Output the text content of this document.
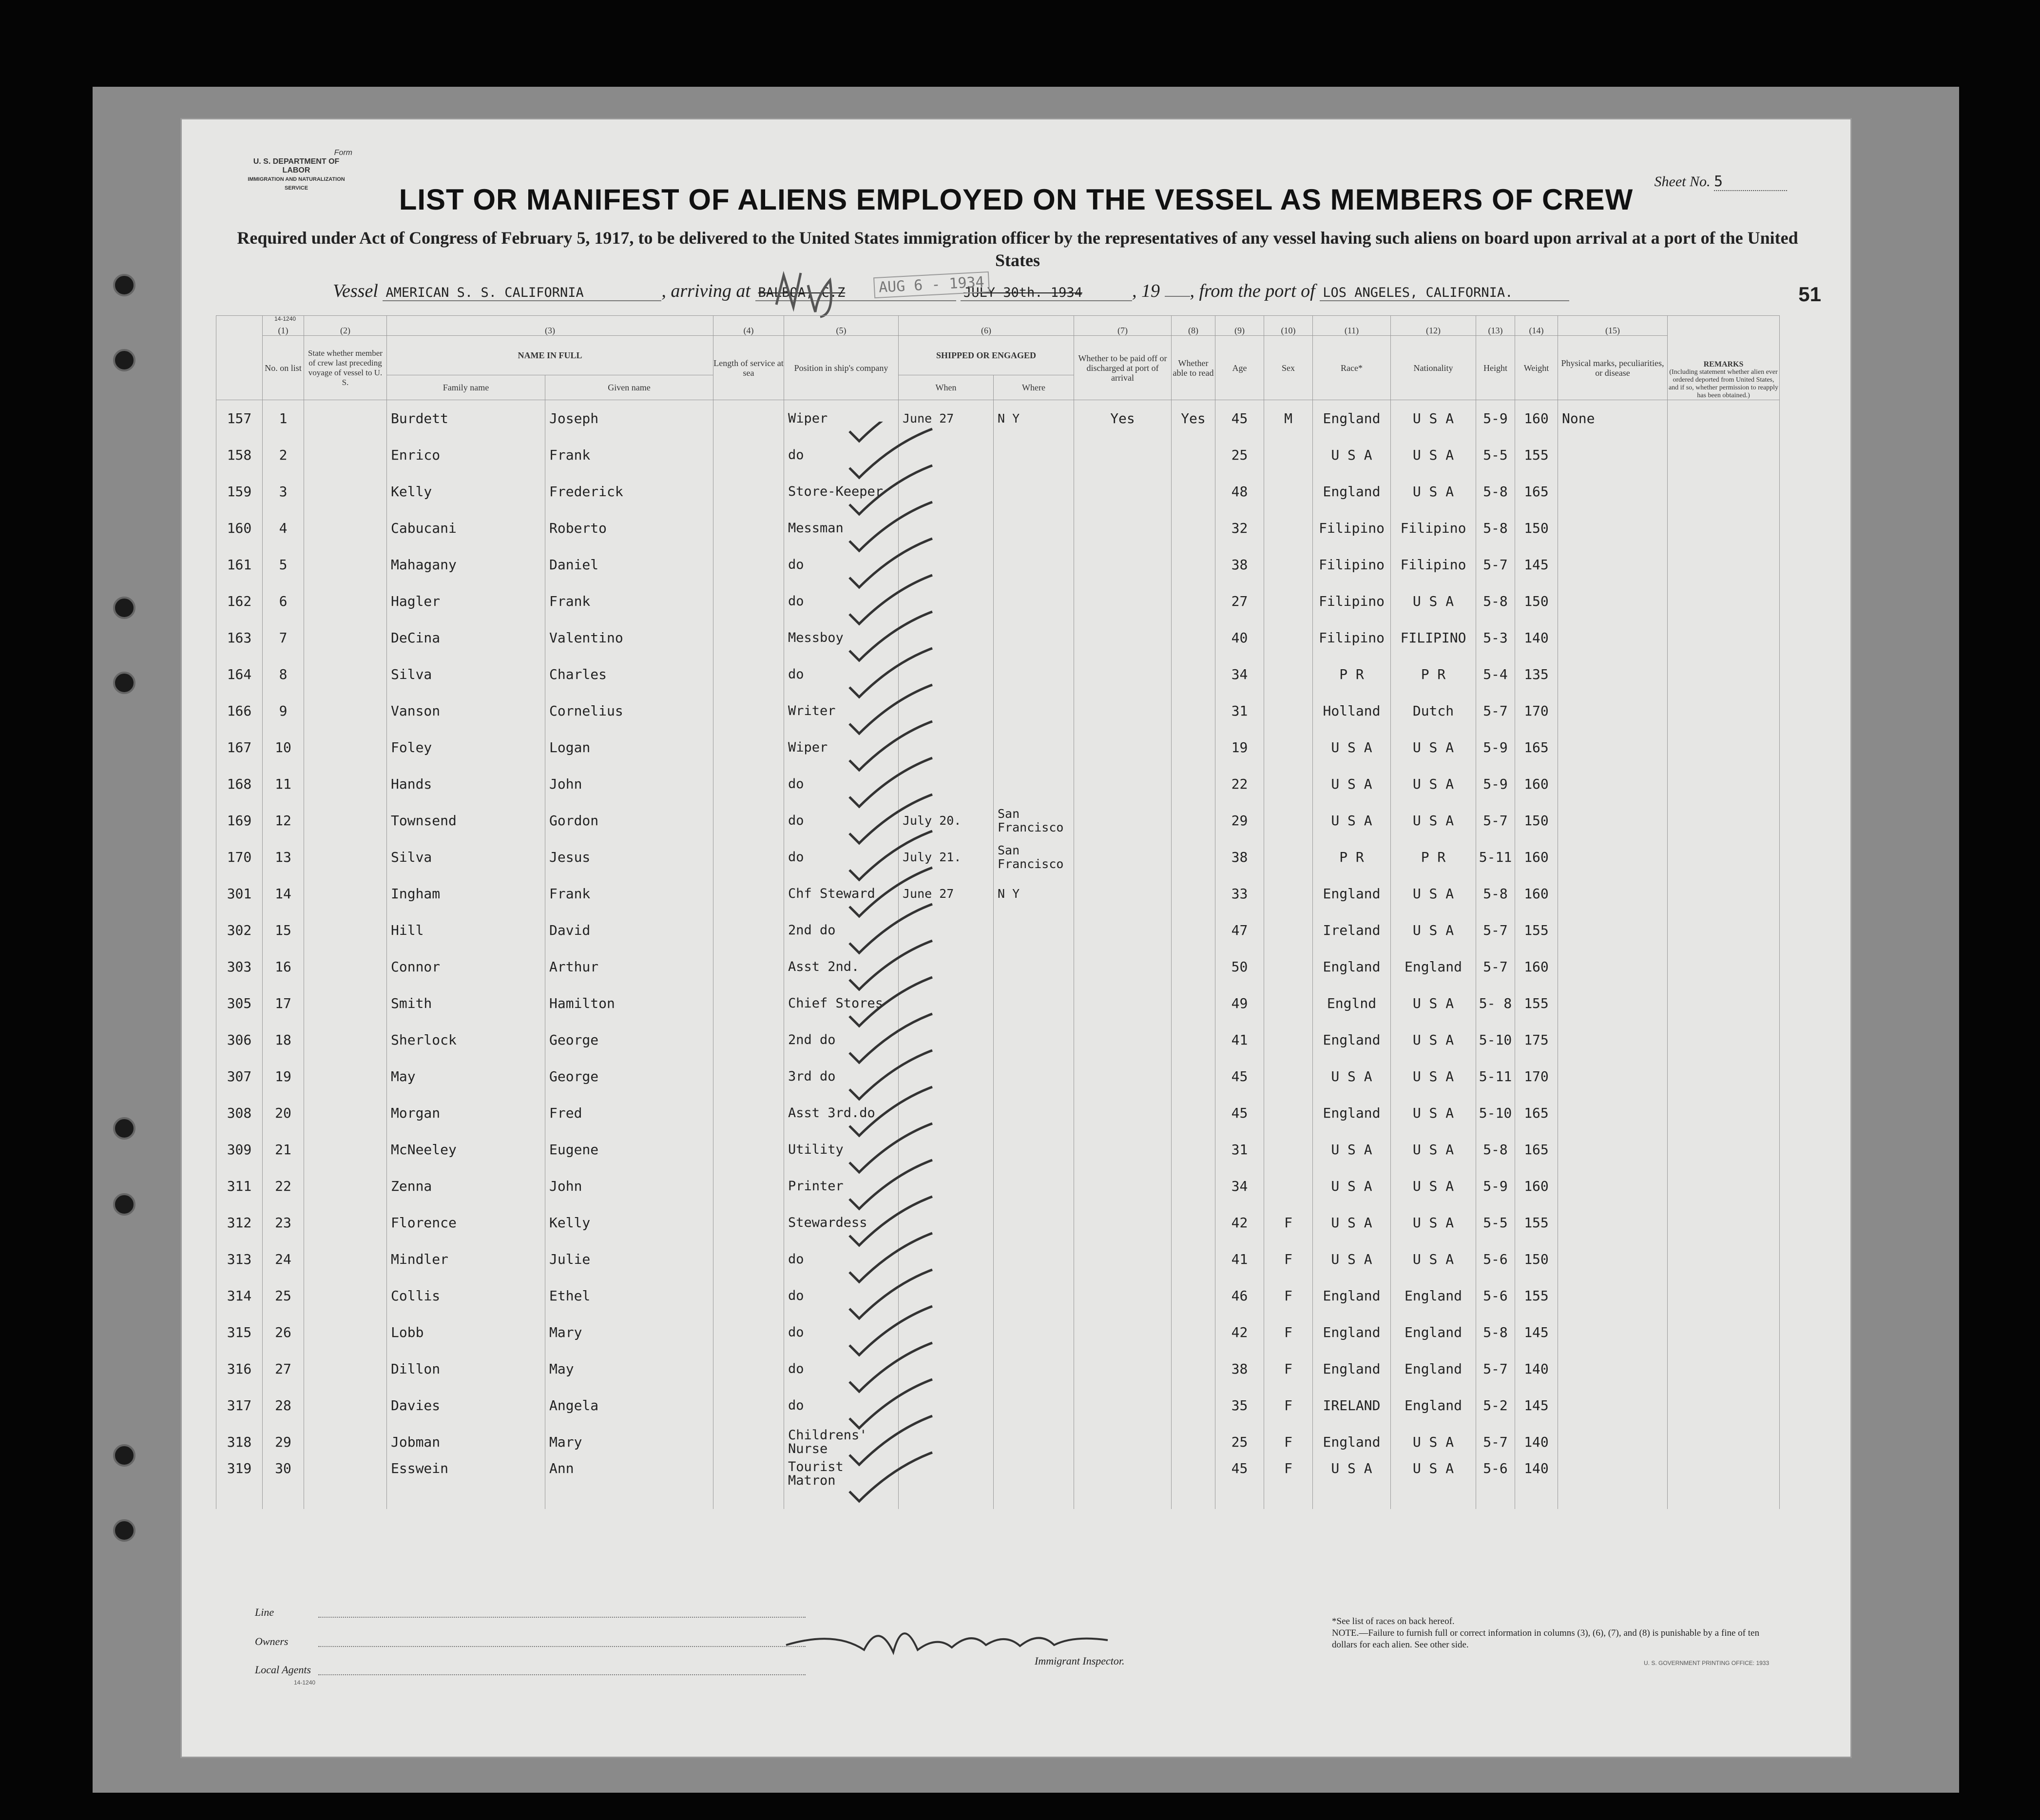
Form
U. S. DEPARTMENT OF LABOR
IMMIGRATION AND NATURALIZATION SERVICE
14-1240
Sheet No. 5
LIST OR MANIFEST OF ALIENS EMPLOYED ON THE VESSEL AS MEMBERS OF CREW
Required under Act of Congress of February 5, 1917, to be delivered to the United States immigration officer by the representatives of any vessel having such aliens on board upon arrival at a port of the United States
Vessel AMERICAN S. S. CALIFORNIA	, arriving at BALBOA, C.Z	JULY 30th. 1934	, 19 , from the port of LOS ANGELES, CALIFORNIA.
AUG 6 - 1934	51
	(1)	(2)	(3)		(4)	(5)	(6)		(7)	(8)	(9)	(10)	(11)	(12)	(13)	(14)	(15)	REMARKS
(Including statement whether alien ever ordered deported from United States, and if so, whether permission to reapply has been obtained.)

	No. on list	State whether member of crew last preceding voyage of vessel to U. S.	NAME IN FULL		Length of service at sea	Position in ship's company	SHIPPED OR ENGAGED		Whether to be paid off or discharged at port of arrival	Whether able to read	Age	Sex	Race*	Nationality	Height	Weight	Physical marks, peculiarities, or disease	
			Family name	Given name			When	Where										
157	1		Burdett	Joseph		Wiper	June 27	N Y	Yes	Yes	45	M	England	U S A	5-9	160	None	
158	2		Enrico	Frank		do					25		U S A	U S A	5-5	155		
159	3		Kelly	Frederick		Store-Keeper					48		England	U S A	5-8	165		
160	4		Cabucani	Roberto		Messman					32		Filipino	Filipino	5-8	150		
161	5		Mahagany	Daniel		do					38		Filipino	Filipino	5-7	145		
162	6		Hagler	Frank		do					27		Filipino	U S A	5-8	150		
163	7		DeCina	Valentino		Messboy					40		Filipino	FILIPINO	5-3	140		
164	8		Silva	Charles		do					34		P R	P R	5-4	135		
166	9		Vanson	Cornelius		Writer					31		Holland	Dutch	5-7	170		
167	10		Foley	Logan		Wiper					19		U S A	U S A	5-9	165		
168	11		Hands	John		do					22		U S A	U S A	5-9	160		
169	12		Townsend	Gordon		do	July 20.	San Francisco			29		U S A	U S A	5-7	150		
170	13		Silva	Jesus		do	July 21.	San Francisco			38		P R	P R	5-11	160		
301	14		Ingham	Frank		Chf Steward	June 27	N Y			33		England	U S A	5-8	160		
302	15		Hill	David		2nd do					47		Ireland	U S A	5-7	155		
303	16		Connor	Arthur		Asst 2nd.					50		England	England	5-7	160		
305	17		Smith	Hamilton		Chief Stores					49		Englnd	U S A	5- 8	155		
306	18		Sherlock	George		2nd do					41		England	U S A	5-10	175		
307	19		May	George		3rd do					45		U S A	U S A	5-11	170		
308	20		Morgan	Fred		Asst 3rd.do					45		England	U S A	5-10	165		
309	21		McNeeley	Eugene		Utility					31		U S A	U S A	5-8	165		
311	22		Zenna	John		Printer					34		U S A	U S A	5-9	160		
312	23		Florence	Kelly		Stewardess					42	F	U S A	U S A	5-5	155		
313	24		Mindler	Julie		do					41	F	U S A	U S A	5-6	150		
314	25		Collis	Ethel		do					46	F	England	England	5-6	155		
315	26		Lobb	Mary		do					42	F	England	England	5-8	145		
316	27		Dillon	May		do					38	F	England	England	5-7	140		
317	28		Davies	Angela		do					35	F	IRELAND	England	5-2	145		
318	29		Jobman	Mary		Childrens' Nurse					25	F	England	U S A	5-7	140		
319	30		Esswein	Ann		Tourist Matron					45	F	U S A	U S A	5-6	140		
Line
Owners
Local Agents
14-1240
Immigrant Inspector.
*See list of races on back hereof.
NOTE.—Failure to furnish full or correct information in columns (3), (6), (7), and (8) is punishable by a fine of ten dollars for each alien. See other side.
U. S. GOVERNMENT PRINTING OFFICE: 1933
